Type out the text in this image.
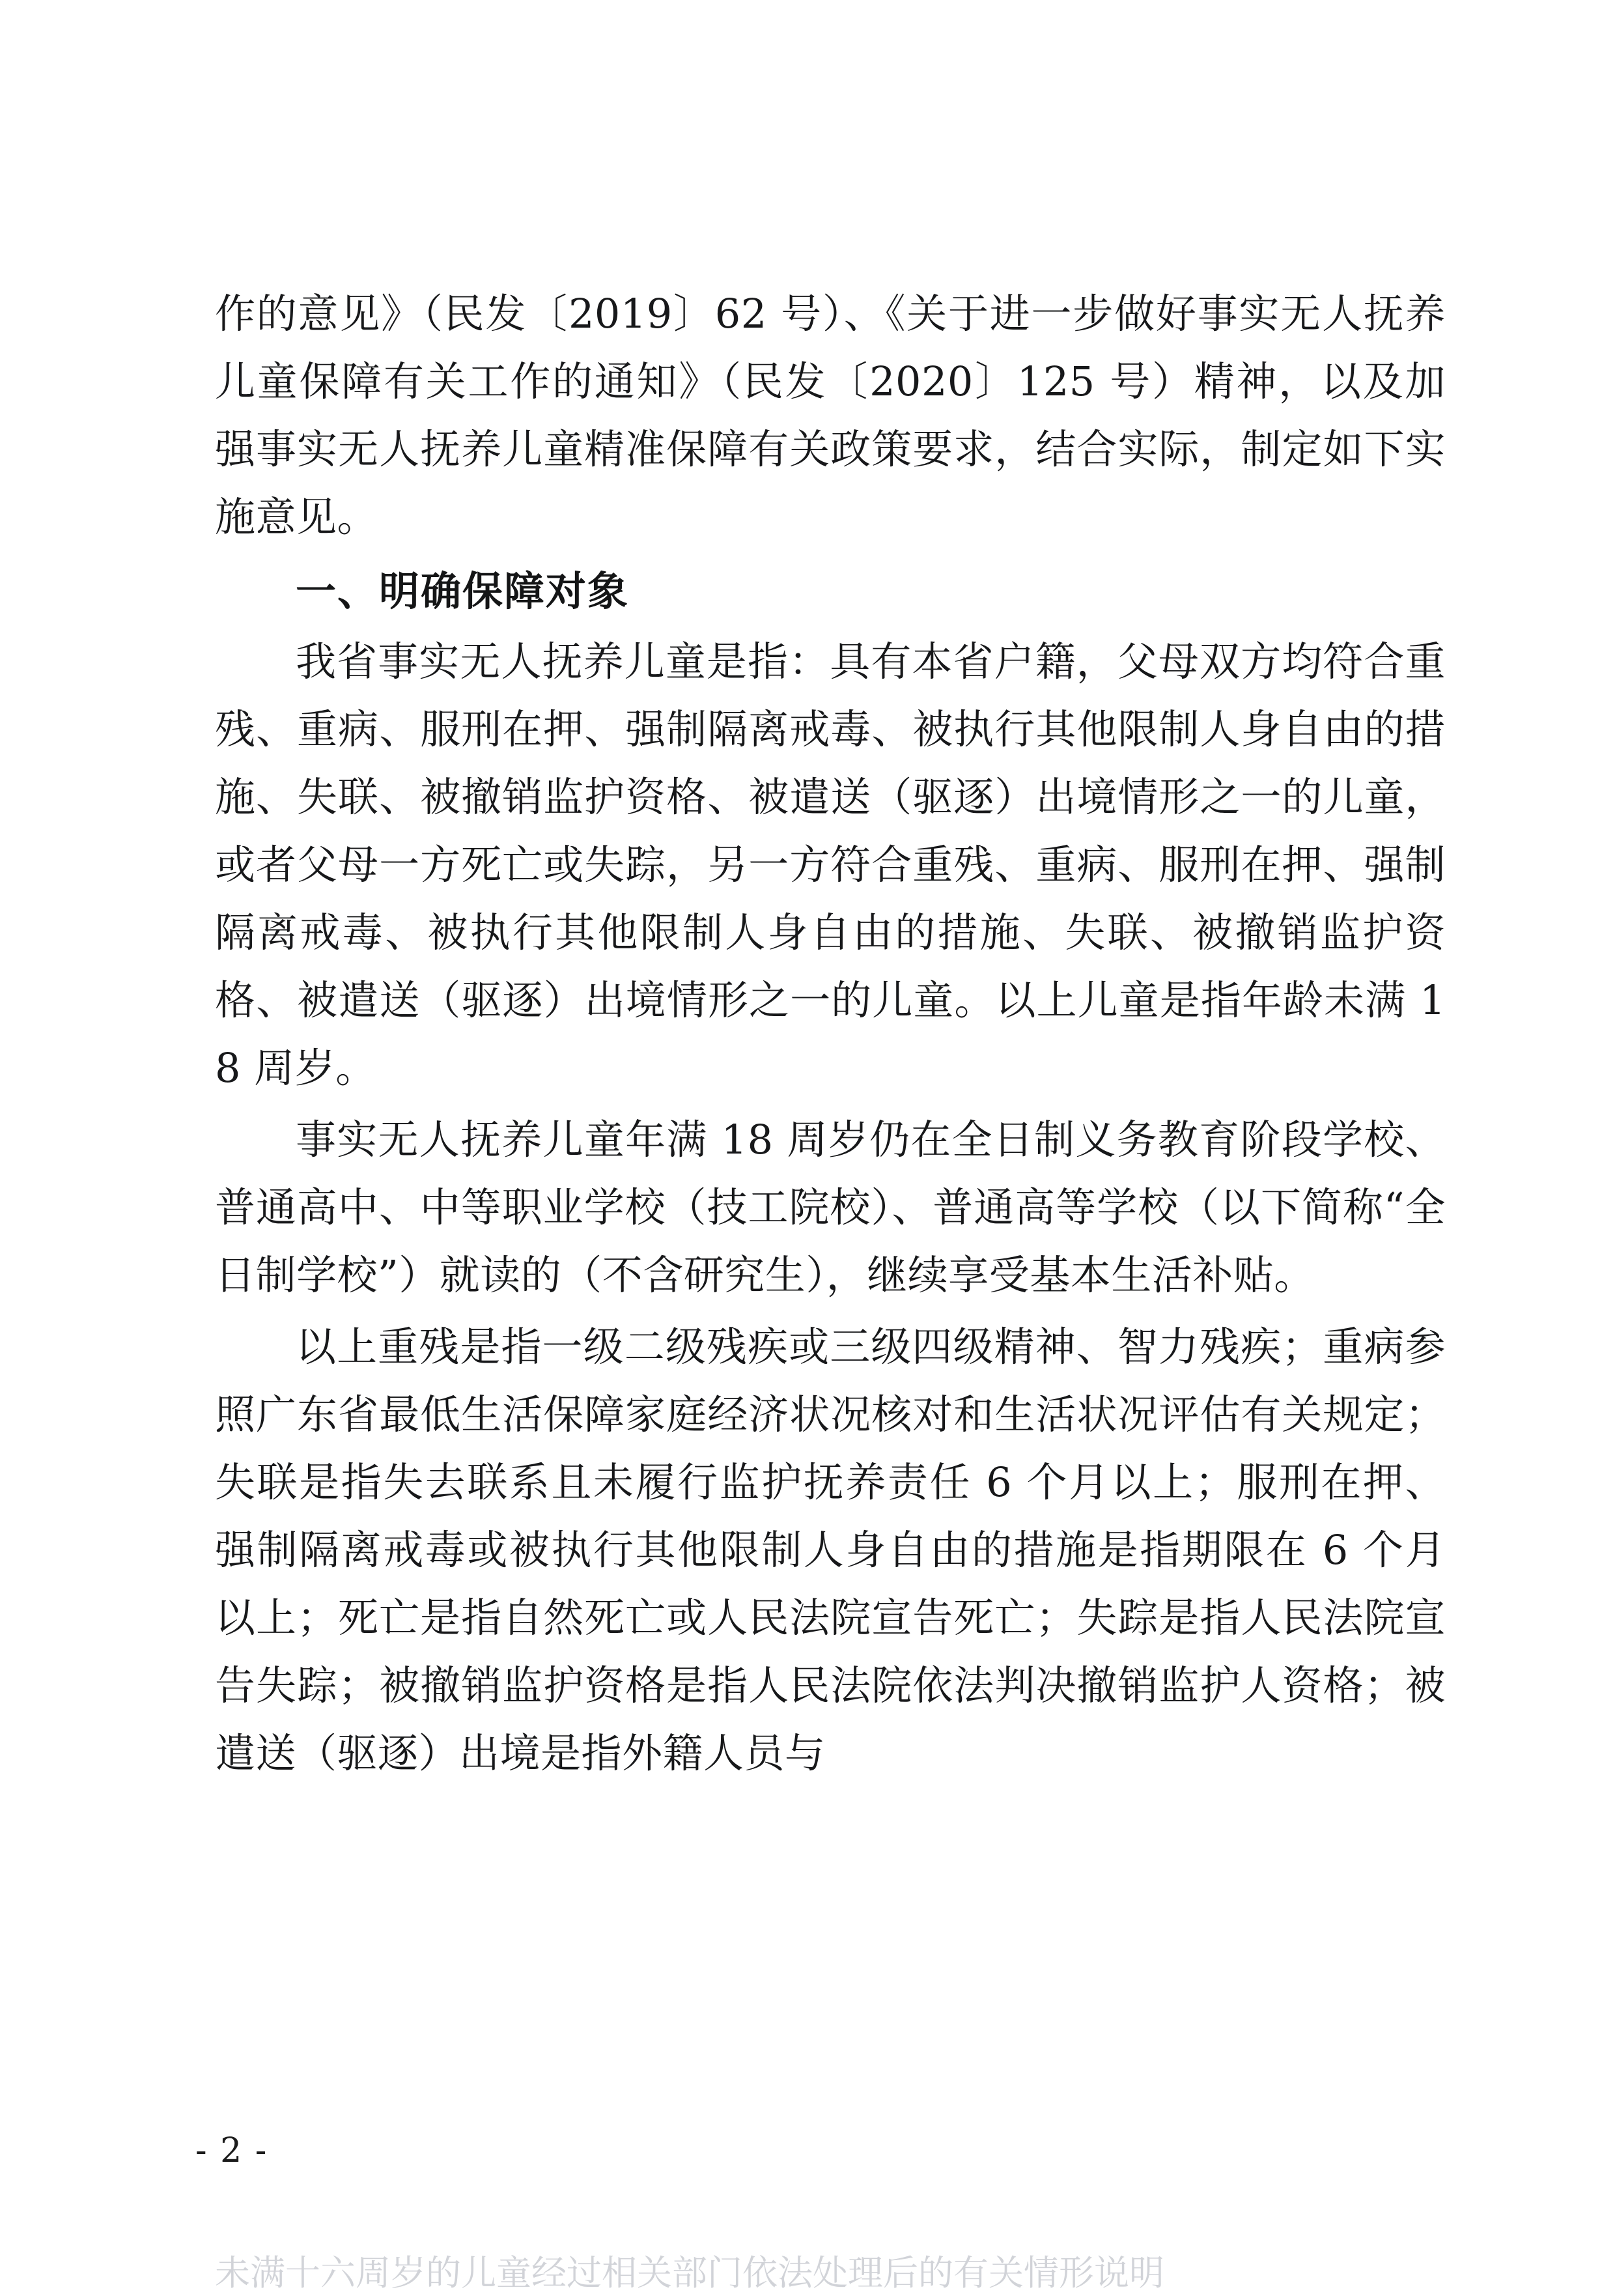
作的意见》（民发〔2019〕62 号）、《关于进一步做好事实无人抚养儿童保障有关工作的通知》（民发〔2020〕125 号）精神，以及加强事实无人抚养儿童精准保障有关政策要求，结合实际，制定如下实施意见。

一、明确保障对象

我省事实无人抚养儿童是指：具有本省户籍，父母双方均符合重残、重病、服刑在押、强制隔离戒毒、被执行其他限制人身自由的措施、失联、被撤销监护资格、被遣送（驱逐）出境情形之一的儿童，或者父母一方死亡或失踪，另一方符合重残、重病、服刑在押、强制隔离戒毒、被执行其他限制人身自由的措施、失联、被撤销监护资格、被遣送（驱逐）出境情形之一的儿童。以上儿童是指年龄未满 18 周岁。

事实无人抚养儿童年满 18 周岁仍在全日制义务教育阶段学校、普通高中、中等职业学校（技工院校）、普通高等学校（以下简称“全日制学校”）就读的（不含研究生），继续享受基本生活补贴。

以上重残是指一级二级残疾或三级四级精神、智力残疾；重病参照广东省最低生活保障家庭经济状况核对和生活状况评估有关规定；失联是指失去联系且未履行监护抚养责任 6 个月以上；服刑在押、强制隔离戒毒或被执行其他限制人身自由的措施是指期限在 6 个月以上；死亡是指自然死亡或人民法院宣告死亡；失踪是指人民法院宣告失踪；被撤销监护资格是指人民法院依法判决撤销监护人资格；被遣送（驱逐）出境是指外籍人员与

- 2 -
未满十六周岁的儿童经过相关部门依法处理后的有关情形说明
